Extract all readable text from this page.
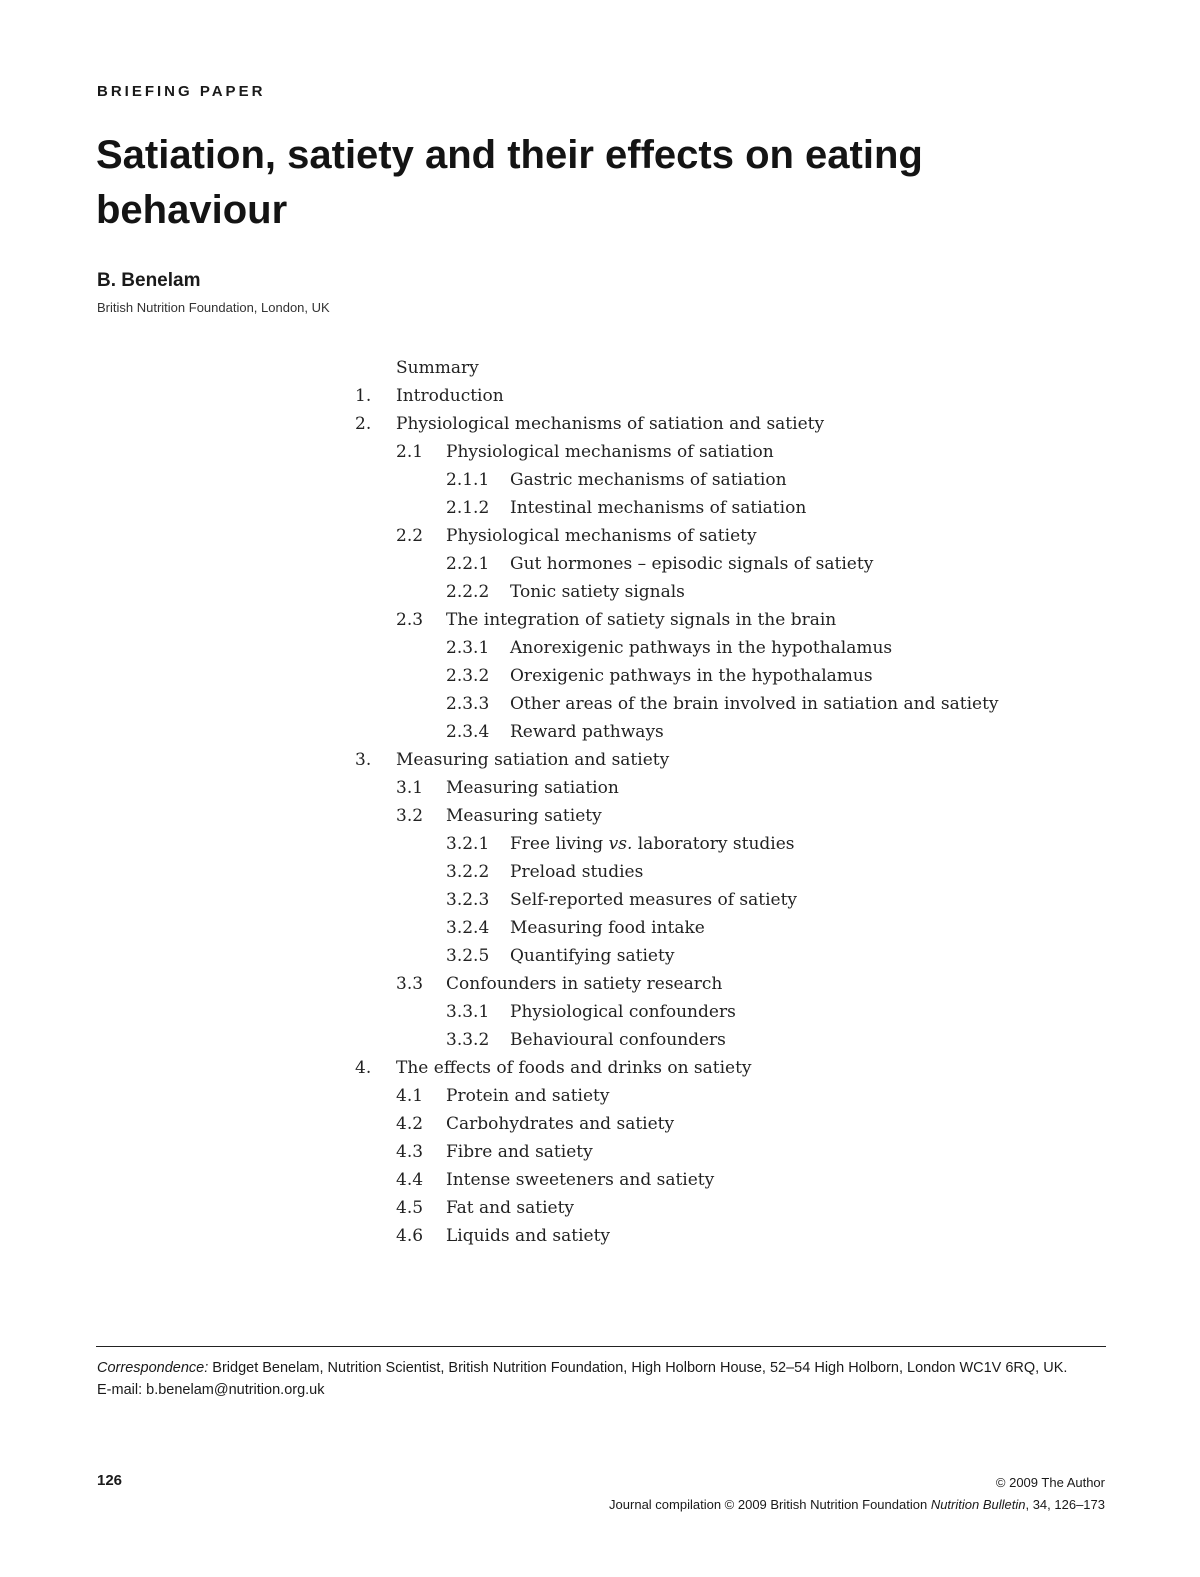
BRIEFING PAPER

Satiation, satiety and their effects on eating behaviour

B. Benelam

British Nutrition Foundation, London, UK

Summary
1. Introduction
2. Physiological mechanisms of satiation and satiety
2.1 Physiological mechanisms of satiation
2.1.1 Gastric mechanisms of satiation
2.1.2 Intestinal mechanisms of satiation
2.2 Physiological mechanisms of satiety
2.2.1 Gut hormones – episodic signals of satiety
2.2.2 Tonic satiety signals
2.3 The integration of satiety signals in the brain
2.3.1 Anorexigenic pathways in the hypothalamus
2.3.2 Orexigenic pathways in the hypothalamus
2.3.3 Other areas of the brain involved in satiation and satiety
2.3.4 Reward pathways
3. Measuring satiation and satiety
3.1 Measuring satiation
3.2 Measuring satiety
3.2.1 Free living vs. laboratory studies
3.2.2 Preload studies
3.2.3 Self-reported measures of satiety
3.2.4 Measuring food intake
3.2.5 Quantifying satiety
3.3 Confounders in satiety research
3.3.1 Physiological confounders
3.3.2 Behavioural confounders
4. The effects of foods and drinks on satiety
4.1 Protein and satiety
4.2 Carbohydrates and satiety
4.3 Fibre and satiety
4.4 Intense sweeteners and satiety
4.5 Fat and satiety
4.6 Liquids and satiety

Correspondence: Bridget Benelam, Nutrition Scientist, British Nutrition Foundation, High Holborn House, 52–54 High Holborn, London WC1V 6RQ, UK.

E-mail: b.benelam@nutrition.org.uk

126	© 2009 The Author

Journal compilation © 2009 British Nutrition Foundation Nutrition Bulletin, 34, 126–173
